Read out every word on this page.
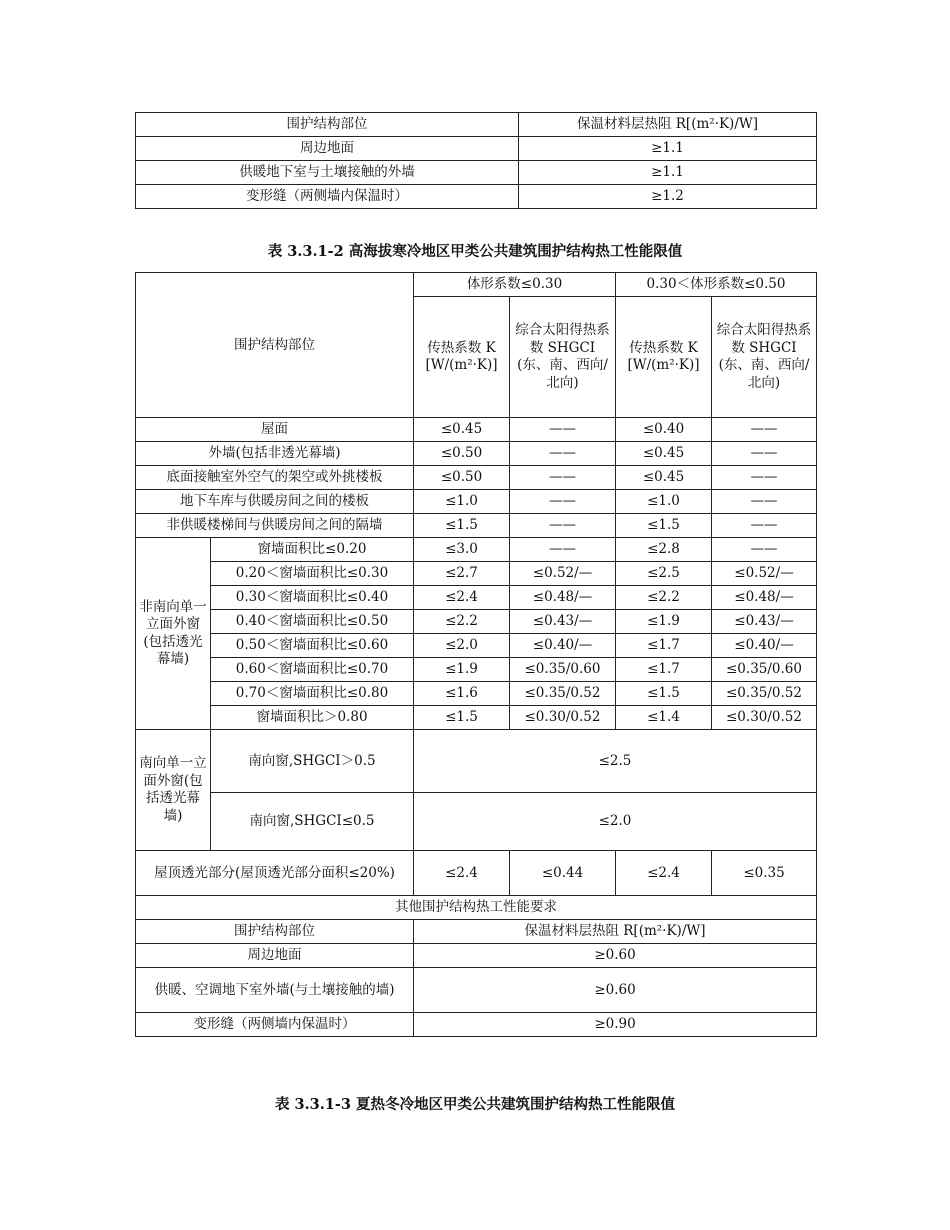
围护结构部位	保温材料层热阻 R[(m²·K)/W]
周边地面	≥1.1
供暖地下室与土壤接触的外墙	≥1.1
变形缝（两侧墙内保温时）	≥1.2
表 3.3.1-2 高海拔寒冷地区甲类公共建筑围护结构热工性能限值
围护结构部位		体形系数≤0.30		0.30＜体形系数≤0.50	
		传热系数 K [W/(m²·K)]	综合太阳得热系数 SHGCI (东、南、西向/北向)	传热系数 K [W/(m²·K)]	综合太阳得热系数 SHGCI (东、南、西向/北向)
屋面		≤0.45	——	≤0.40	——
外墙(包括非透光幕墙)		≤0.50	——	≤0.45	——
底面接触室外空气的架空或外挑楼板		≤0.50	——	≤0.45	——
地下车库与供暖房间之间的楼板		≤1.0	——	≤1.0	——
非供暖楼梯间与供暖房间之间的隔墙		≤1.5	——	≤1.5	——
非南向单一立面外窗(包括透光幕墙)	窗墙面积比≤0.20	≤3.0	——	≤2.8	——
	0.20＜窗墙面积比≤0.30	≤2.7	≤0.52/—	≤2.5	≤0.52/—
	0.30＜窗墙面积比≤0.40	≤2.4	≤0.48/—	≤2.2	≤0.48/—
	0.40＜窗墙面积比≤0.50	≤2.2	≤0.43/—	≤1.9	≤0.43/—
	0.50＜窗墙面积比≤0.60	≤2.0	≤0.40/—	≤1.7	≤0.40/—
	0.60＜窗墙面积比≤0.70	≤1.9	≤0.35/0.60	≤1.7	≤0.35/0.60
	0.70＜窗墙面积比≤0.80	≤1.6	≤0.35/0.52	≤1.5	≤0.35/0.52
	窗墙面积比＞0.80	≤1.5	≤0.30/0.52	≤1.4	≤0.30/0.52
南向单一立面外窗(包括透光幕墙)	南向窗,SHGCI＞0.5	≤2.5			
	南向窗,SHGCI≤0.5	≤2.0			
屋顶透光部分(屋顶透光部分面积≤20%)		≤2.4	≤0.44	≤2.4	≤0.35
其他围护结构热工性能要求					
围护结构部位		保温材料层热阻 R[(m²·K)/W]			
周边地面		≥0.60			
供暖、空调地下室外墙(与土壤接触的墙)		≥0.60			
变形缝（两侧墙内保温时）		≥0.90			
表 3.3.1-3 夏热冬冷地区甲类公共建筑围护结构热工性能限值
